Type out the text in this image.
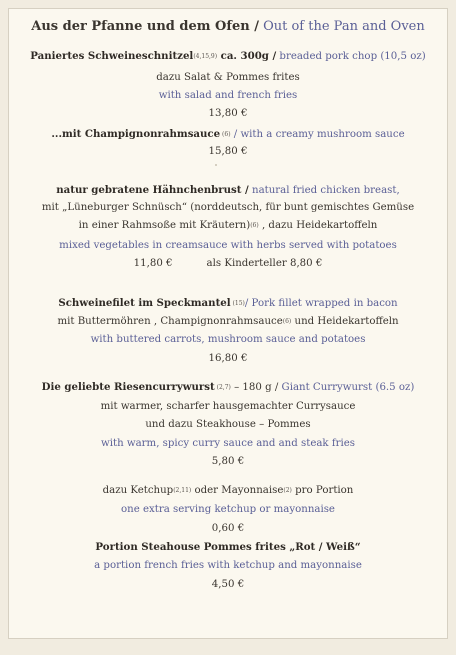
Aus der Pfanne und dem Ofen / Out of the Pan and Oven
Paniertes Schweineschnitzel(4,15,9) ca. 300g / breaded pork chop (10,5 oz)
dazu Salat & Pommes frites
with salad and french fries
13,80 €
...mit Champignonrahmsauce (6) / with a creamy mushroom sauce
15,80 €
natur gebratene Hähnchenbrust / natural fried chicken breast,
mit „Lüneburger Schnüsch“ (norddeutsch, für bunt gemischtes Gemüse
in einer Rahmsoße mit Kräutern)(6) , dazu Heidekartoffeln
mixed vegetables in creamsauce with herbs served with potatoes
11,80 €	als Kinderteller 8,80 €
Schweinefilet im Speckmantel (15)/ Pork fillet wrapped in bacon
mit Buttermöhren , Champignonrahmsauce(6) und Heidekartoffeln
with buttered carrots, mushroom sauce and potatoes
16,80 €
Die geliebte Riesencurrywurst (2,7) – 180 g / Giant Currywurst (6.5 oz)
mit warmer, scharfer hausgemachter Currysauce
und dazu Steakhouse – Pommes
with warm, spicy curry sauce and and steak fries
5,80 €
dazu Ketchup(2,11) oder Mayonnaise(2) pro Portion
one extra serving ketchup or mayonnaise
0,60 €
Portion Steahouse Pommes frites „Rot / Weiß“
a portion french fries with ketchup and mayonnaise
4,50 €
